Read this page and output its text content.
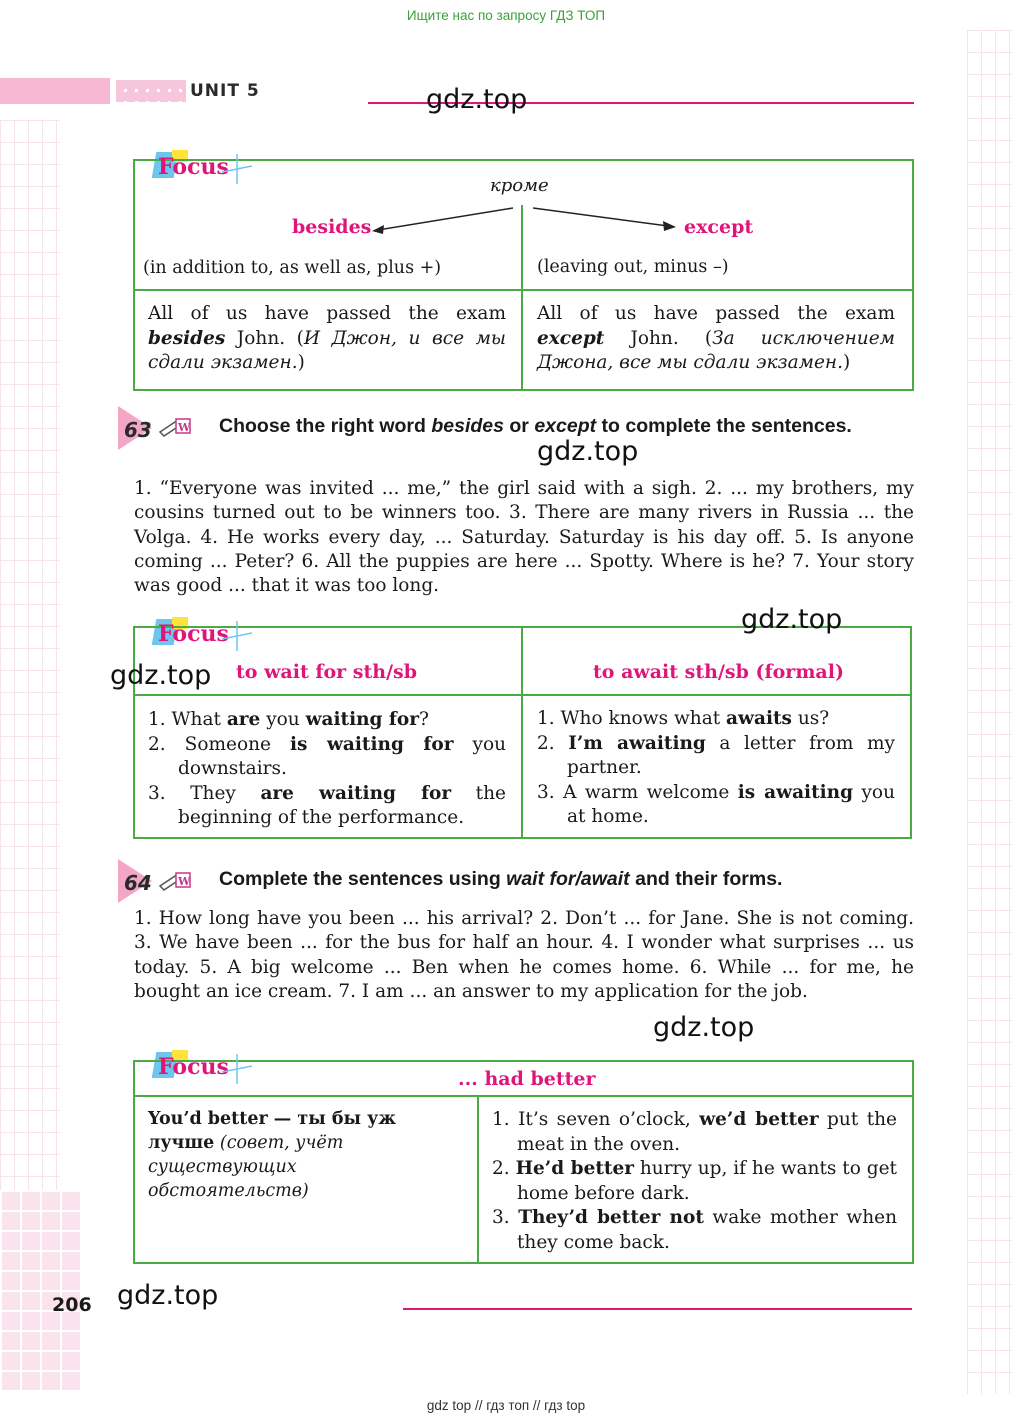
Ищите нас по запросу ГДЗ ТОП
UNIT 5	gdz.top
Focus
кроме
besides	except
(in addition to, as well as, plus +)	(leaving out, minus –)
All of us have passed the exam besides John. (И Джон, и все мы сдали экзамен.)
All of us have passed the exam except John. (За исключением Джона, все мы сдали экзамен.)
63 W Choose the right word besides or except to complete the sentences.
gdz.top
1. “Everyone was invited ... me,” the girl said with a sigh. 2. ... my brothers, my cousins turned out to be winners too. 3. There are many rivers in Russia ... the Volga. 4. He works every day, ... Saturday. Saturday is his day off. 5. Is anyone coming ... Peter? 6. All the puppies are here ... Spotty. Where is he? 7. Your story was good ... that it was too long.
Focus	gdz.top
gdz.top to wait for sth/sb	to await sth/sb (formal)
1. What are you waiting for?
2. Someone is waiting for you downstairs.
3. They are waiting for the beginning of the performance.
1. Who knows what awaits us?
2. I’m awaiting a letter from my partner.
3. A warm welcome is awaiting you at home.
64 W Complete the sentences using wait for/await and their forms.
1. How long have you been ... his arrival? 2. Don’t ... for Jane. She is not coming. 3. We have been ... for the bus for half an hour. 4. I wonder what surprises ... us today. 5. A big welcome ... Ben when he comes home. 6. While ... for me, he bought an ice cream. 7. I am ... an answer to my application for the job.
gdz.top
Focus	... had better
You’d better — ты бы уж лучше (совет, учёт существующих обстоятельств)
1. It’s seven o’clock, we’d better put the meat in the oven.
2. He’d better hurry up, if he wants to get home before dark.
3. They’d better not wake mother when they come back.
206 gdz.top
gdz top // гдз топ // гдз top
